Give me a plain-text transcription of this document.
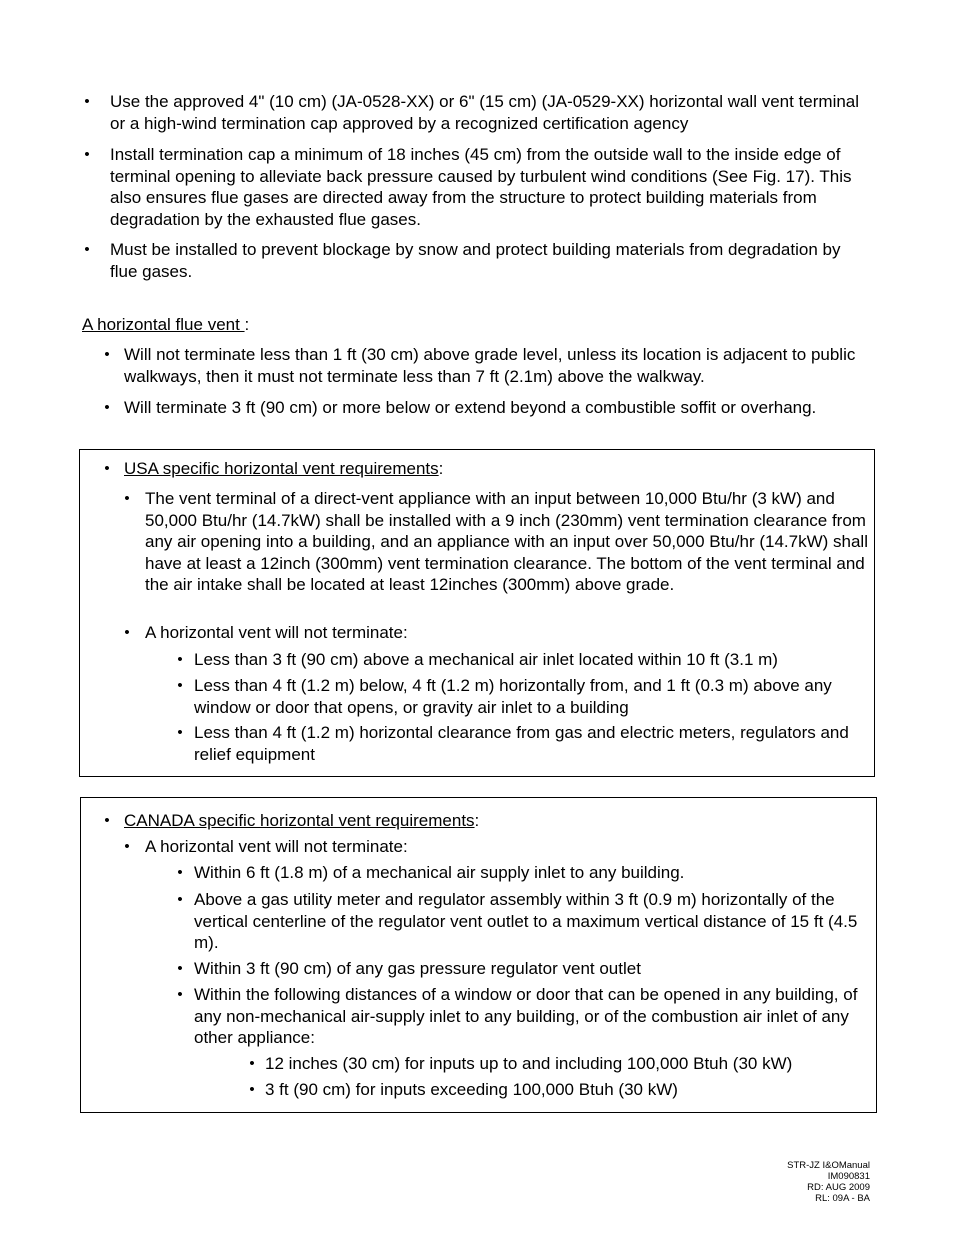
• Use the approved 4" (10 cm) (JA-0528-XX) or 6" (15 cm) (JA-0529-XX) horizontal wall vent terminal or a high-wind termination cap approved by a recognized certification agency
• Install termination cap a minimum of 18 inches (45 cm) from the outside wall to the inside edge of terminal opening to alleviate back pressure caused by turbulent wind conditions (See Fig. 17). This also ensures flue gases are directed away from the structure to protect building materials from degradation by the exhausted flue gases.
• Must be installed to prevent blockage by snow and protect building materials from degradation by flue gases.
A horizontal flue vent :
• Will not terminate less than 1 ft (30 cm) above grade level, unless its location is adjacent to public walkways, then it must not terminate less than 7 ft (2.1m) above the walkway.
• Will terminate 3 ft (90 cm) or more below or extend beyond a combustible soffit or overhang.
• USA specific horizontal vent requirements:
• The vent terminal of a direct-vent appliance with an input between 10,000 Btu/hr (3 kW) and 50,000 Btu/hr (14.7kW) shall be installed with a 9 inch (230mm) vent termination clearance from any air opening into a building, and an appliance with an input over 50,000 Btu/hr (14.7kW) shall have at least a 12inch (300mm) vent termination clearance. The bottom of the vent terminal and the air intake shall be located at least 12inches (300mm) above grade.
• A horizontal vent will not terminate:
• Less than 3 ft (90 cm) above a mechanical air inlet located within 10 ft (3.1 m)
• Less than 4 ft (1.2 m) below, 4 ft (1.2 m) horizontally from, and 1 ft (0.3 m) above any window or door that opens, or gravity air inlet to a building
• Less than 4 ft (1.2 m) horizontal clearance from gas and electric meters, regulators and relief equipment
• CANADA specific horizontal vent requirements:
• A horizontal vent will not terminate:
• Within 6 ft (1.8 m) of a mechanical air supply inlet to any building.
• Above a gas utility meter and regulator assembly within 3 ft (0.9 m) horizontally of the vertical centerline of the regulator vent outlet to a maximum vertical distance of 15 ft (4.5 m).
• Within 3 ft (90 cm) of any gas pressure regulator vent outlet
• Within the following distances of a window or door that can be opened in any building, of any non-mechanical air-supply inlet to any building, or of the combustion air inlet of any other appliance:
• 12 inches (30 cm) for inputs up to and including 100,000 Btuh (30 kW)
• 3 ft (90 cm) for inputs exceeding 100,000 Btuh (30 kW)
STR-JZ I&OManual
IM090831
RD: AUG 2009
RL: 09A - BA
